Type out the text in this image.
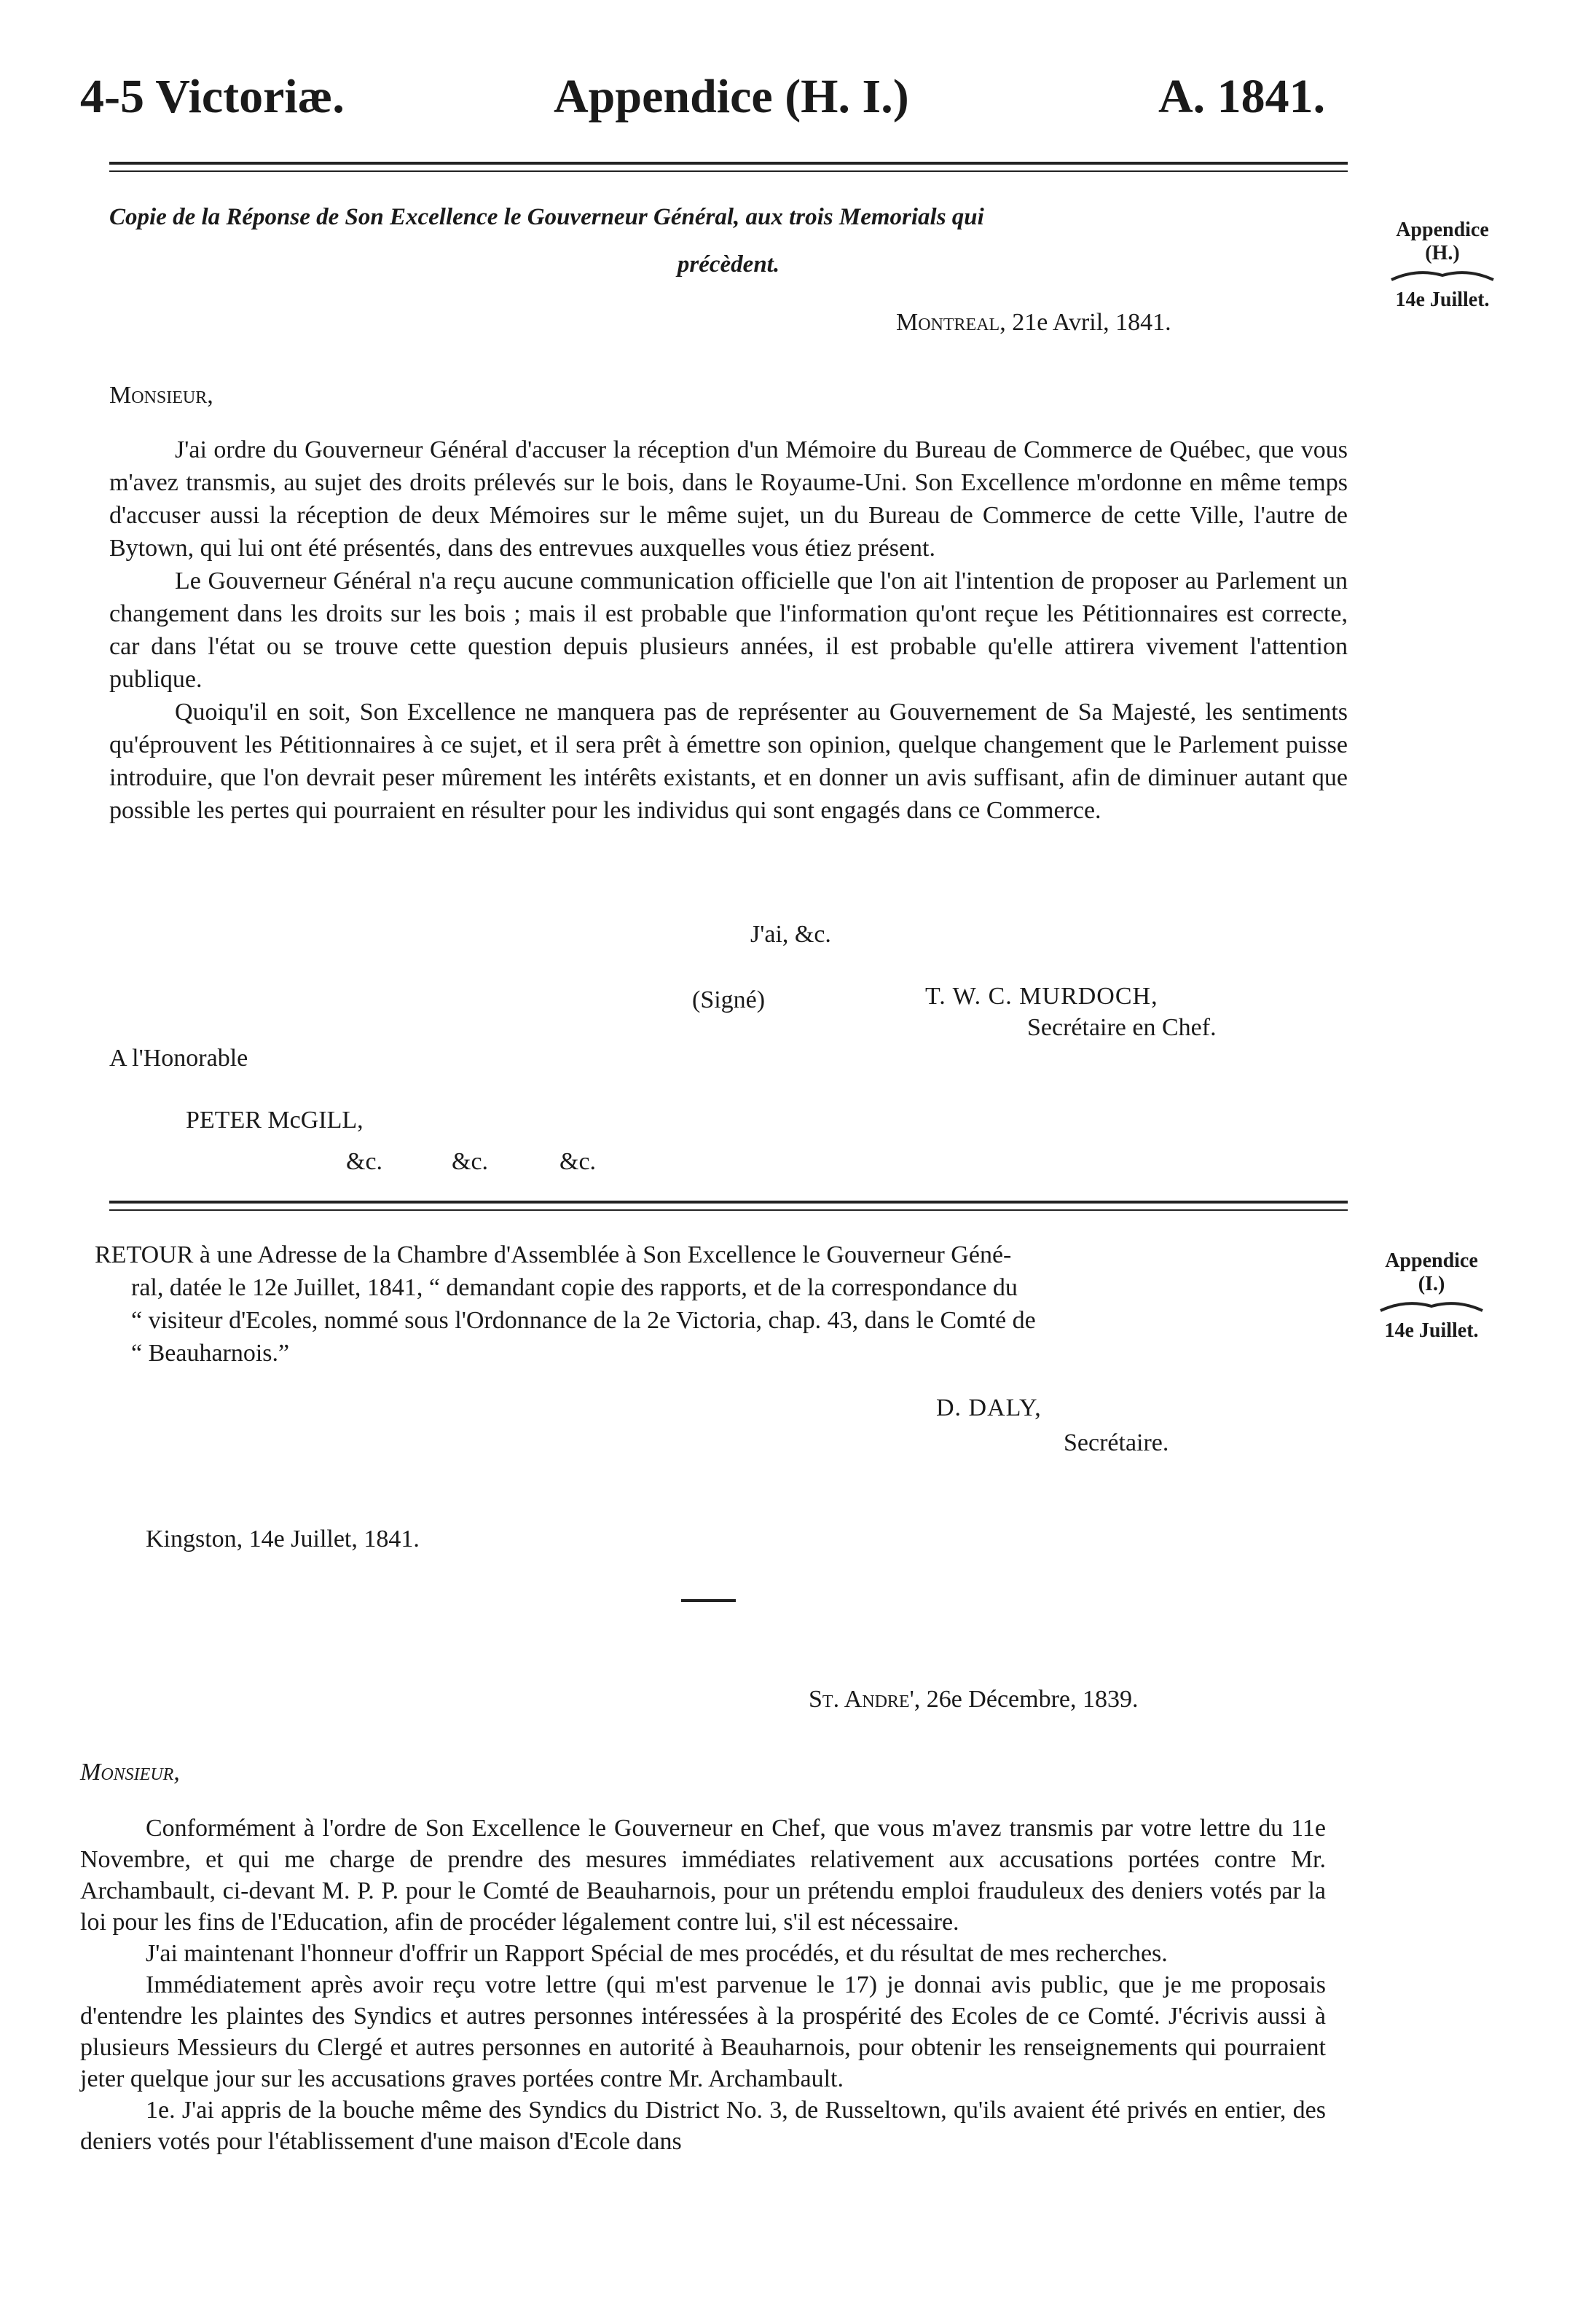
4-5 Victoriæ.	Appendice (H. I.)	A. 1841.
Copie de la Réponse de Son Excellence le Gouverneur Général, aux trois Memorials qui
précèdent.
Montreal, 21e Avril, 1841.
Appendice
(H.)
14e Juillet.
Monsieur,

J'ai ordre du Gouverneur Général d'accuser la réception d'un Mémoire du Bureau de Commerce de Québec, que vous m'avez transmis, au sujet des droits prélevés sur le bois, dans le Royaume-Uni. Son Excellence m'ordonne en même temps d'accuser aussi la réception de deux Mémoires sur le même sujet, un du Bureau de Commerce de cette Ville, l'autre de Bytown, qui lui ont été présentés, dans des entrevues auxquelles vous étiez présent.

Le Gouverneur Général n'a reçu aucune communication officielle que l'on ait l'intention de proposer au Parlement un changement dans les droits sur les bois ; mais il est probable que l'information qu'ont reçue les Pétitionnaires est correcte, car dans l'état ou se trouve cette question depuis plusieurs années, il est probable qu'elle attirera vivement l'attention publique.

Quoiqu'il en soit, Son Excellence ne manquera pas de représenter au Gouvernement de Sa Majesté, les sentiments qu'éprouvent les Pétitionnaires à ce sujet, et il sera prêt à émettre son opinion, quelque changement que le Parlement puisse introduire, que l'on devrait peser mûrement les intérêts existants, et en donner un avis suffisant, afin de diminuer autant que possible les pertes qui pourraient en résulter pour les individus qui sont engagés dans ce Commerce.

J'ai, &c.
(Signé)	T. W. C. MURDOCH,
Secrétaire en Chef.
A l'Honorable
PETER McGILL,
&c.	&c.	&c.

RETOUR à une Adresse de la Chambre d'Assemblée à Son Excellence le Gouverneur Géné-

ral, datée le 12e Juillet, 1841, “ demandant copie des rapports, et de la correspondance du

“ visiteur d'Ecoles, nommé sous l'Ordonnance de la 2e Victoria, chap. 43, dans le Comté de

“ Beauharnois.”

Appendice
(I.)
14e Juillet.
D. DALY,
Secrétaire.
Kingston, 14e Juillet, 1841.
St. Andre', 26e Décembre, 1839.
Monsieur,

Conformément à l'ordre de Son Excellence le Gouverneur en Chef, que vous m'avez transmis par votre lettre du 11e Novembre, et qui me charge de prendre des mesures immédiates relativement aux accusations portées contre Mr. Archambault, ci-devant M. P. P. pour le Comté de Beauharnois, pour un prétendu emploi frauduleux des deniers votés par la loi pour les fins de l'Education, afin de procéder légalement contre lui, s'il est nécessaire.

J'ai maintenant l'honneur d'offrir un Rapport Spécial de mes procédés, et du résultat de mes recherches.

Immédiatement après avoir reçu votre lettre (qui m'est parvenue le 17) je donnai avis public, que je me proposais d'entendre les plaintes des Syndics et autres personnes intéressées à la prospérité des Ecoles de ce Comté. J'écrivis aussi à plusieurs Messieurs du Clergé et autres personnes en autorité à Beauharnois, pour obtenir les renseignements qui pourraient jeter quelque jour sur les accusations graves portées contre Mr. Archambault.

1e. J'ai appris de la bouche même des Syndics du District No. 3, de Russeltown, qu'ils avaient été privés en entier, des deniers votés pour l'établissement d'une maison d'Ecole dans
